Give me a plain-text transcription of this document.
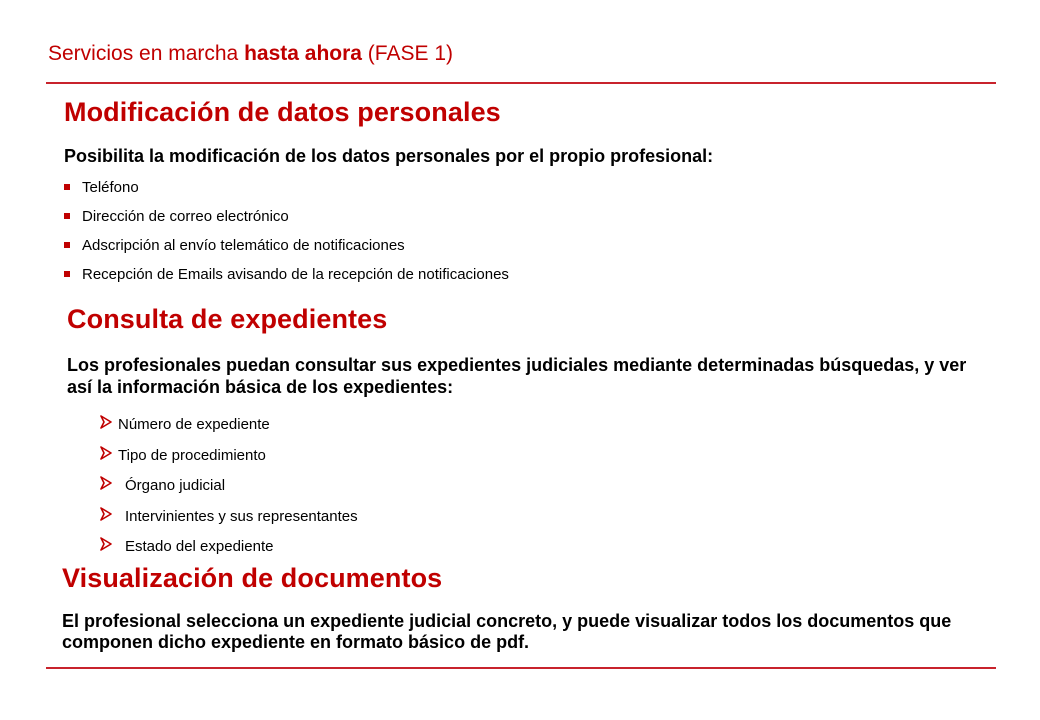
Servicios en marcha hasta ahora (FASE 1)
Modificación de datos personales
Posibilita la modificación de los datos personales por el propio profesional:
Teléfono
Dirección de correo electrónico
Adscripción al envío telemático de notificaciones
Recepción de Emails avisando de la recepción de notificaciones
Consulta de expedientes
Los profesionales puedan consultar sus expedientes judiciales mediante determinadas búsquedas, y ver así la información básica de los expedientes:
Número de expediente
Tipo de procedimiento
Órgano judicial
Intervinientes y sus representantes
Estado del expediente
Visualización de documentos
El profesional selecciona un expediente judicial concreto, y puede visualizar todos los documentos que componen dicho expediente en formato básico de pdf.
